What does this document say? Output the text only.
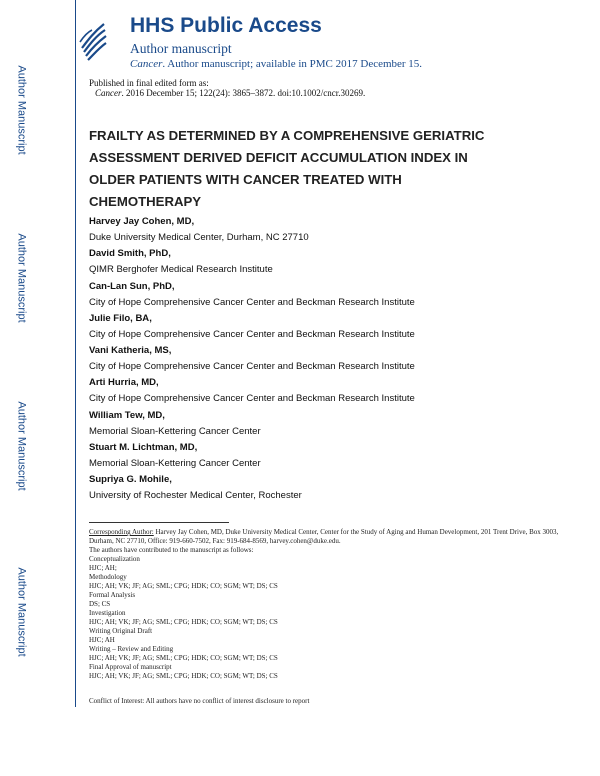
Author Manuscript
Author Manuscript
Author Manuscript
Author Manuscript
HHS Public Access
Author manuscript
Cancer. Author manuscript; available in PMC 2017 December 15.
Published in final edited form as:
Cancer. 2016 December 15; 122(24): 3865–3872. doi:10.1002/cncr.30269.
FRAILTY AS DETERMINED BY A COMPREHENSIVE GERIATRIC
ASSESSMENT DERIVED DEFICIT ACCUMULATION INDEX IN
OLDER PATIENTS WITH CANCER TREATED WITH
CHEMOTHERAPY
Harvey Jay Cohen, MD,
Duke University Medical Center, Durham, NC 27710
David Smith, PhD,
QIMR Berghofer Medical Research Institute
Can-Lan Sun, PhD,
City of Hope Comprehensive Cancer Center and Beckman Research Institute
Julie Filo, BA,
City of Hope Comprehensive Cancer Center and Beckman Research Institute
Vani Katheria, MS,
City of Hope Comprehensive Cancer Center and Beckman Research Institute
Arti Hurria, MD,
City of Hope Comprehensive Cancer Center and Beckman Research Institute
William Tew, MD,
Memorial Sloan-Kettering Cancer Center
Stuart M. Lichtman, MD,
Memorial Sloan-Kettering Cancer Center
Supriya G. Mohile,
University of Rochester Medical Center, Rochester
Corresponding Author: Harvey Jay Cohen, MD, Duke University Medical Center, Center for the Study of Aging and Human Development, 201 Trent Drive, Box 3003, Durham, NC 27710, Office: 919-660-7502, Fax: 919-684-8569, harvey.cohen@duke.edu.
The authors have contributed to the manuscript as follows:
Conceptualization
HJC; AH;
Methodology
HJC; AH; VK; JF; AG; SML; CPG; HDK; CO; SGM; WT; DS; CS
Formal Analysis
DS; CS
Investigation
HJC; AH; VK; JF; AG; SML; CPG; HDK; CO; SGM; WT; DS; CS
Writing Original Draft
HJC; AH
Writing – Review and Editing
HJC; AH; VK; JF; AG; SML; CPG; HDK; CO; SGM; WT; DS; CS
Final Approval of manuscript
HJC; AH; VK; JF; AG; SML; CPG; HDK; CO; SGM; WT; DS; CS
Conflict of Interest: All authors have no conflict of interest disclosure to report
